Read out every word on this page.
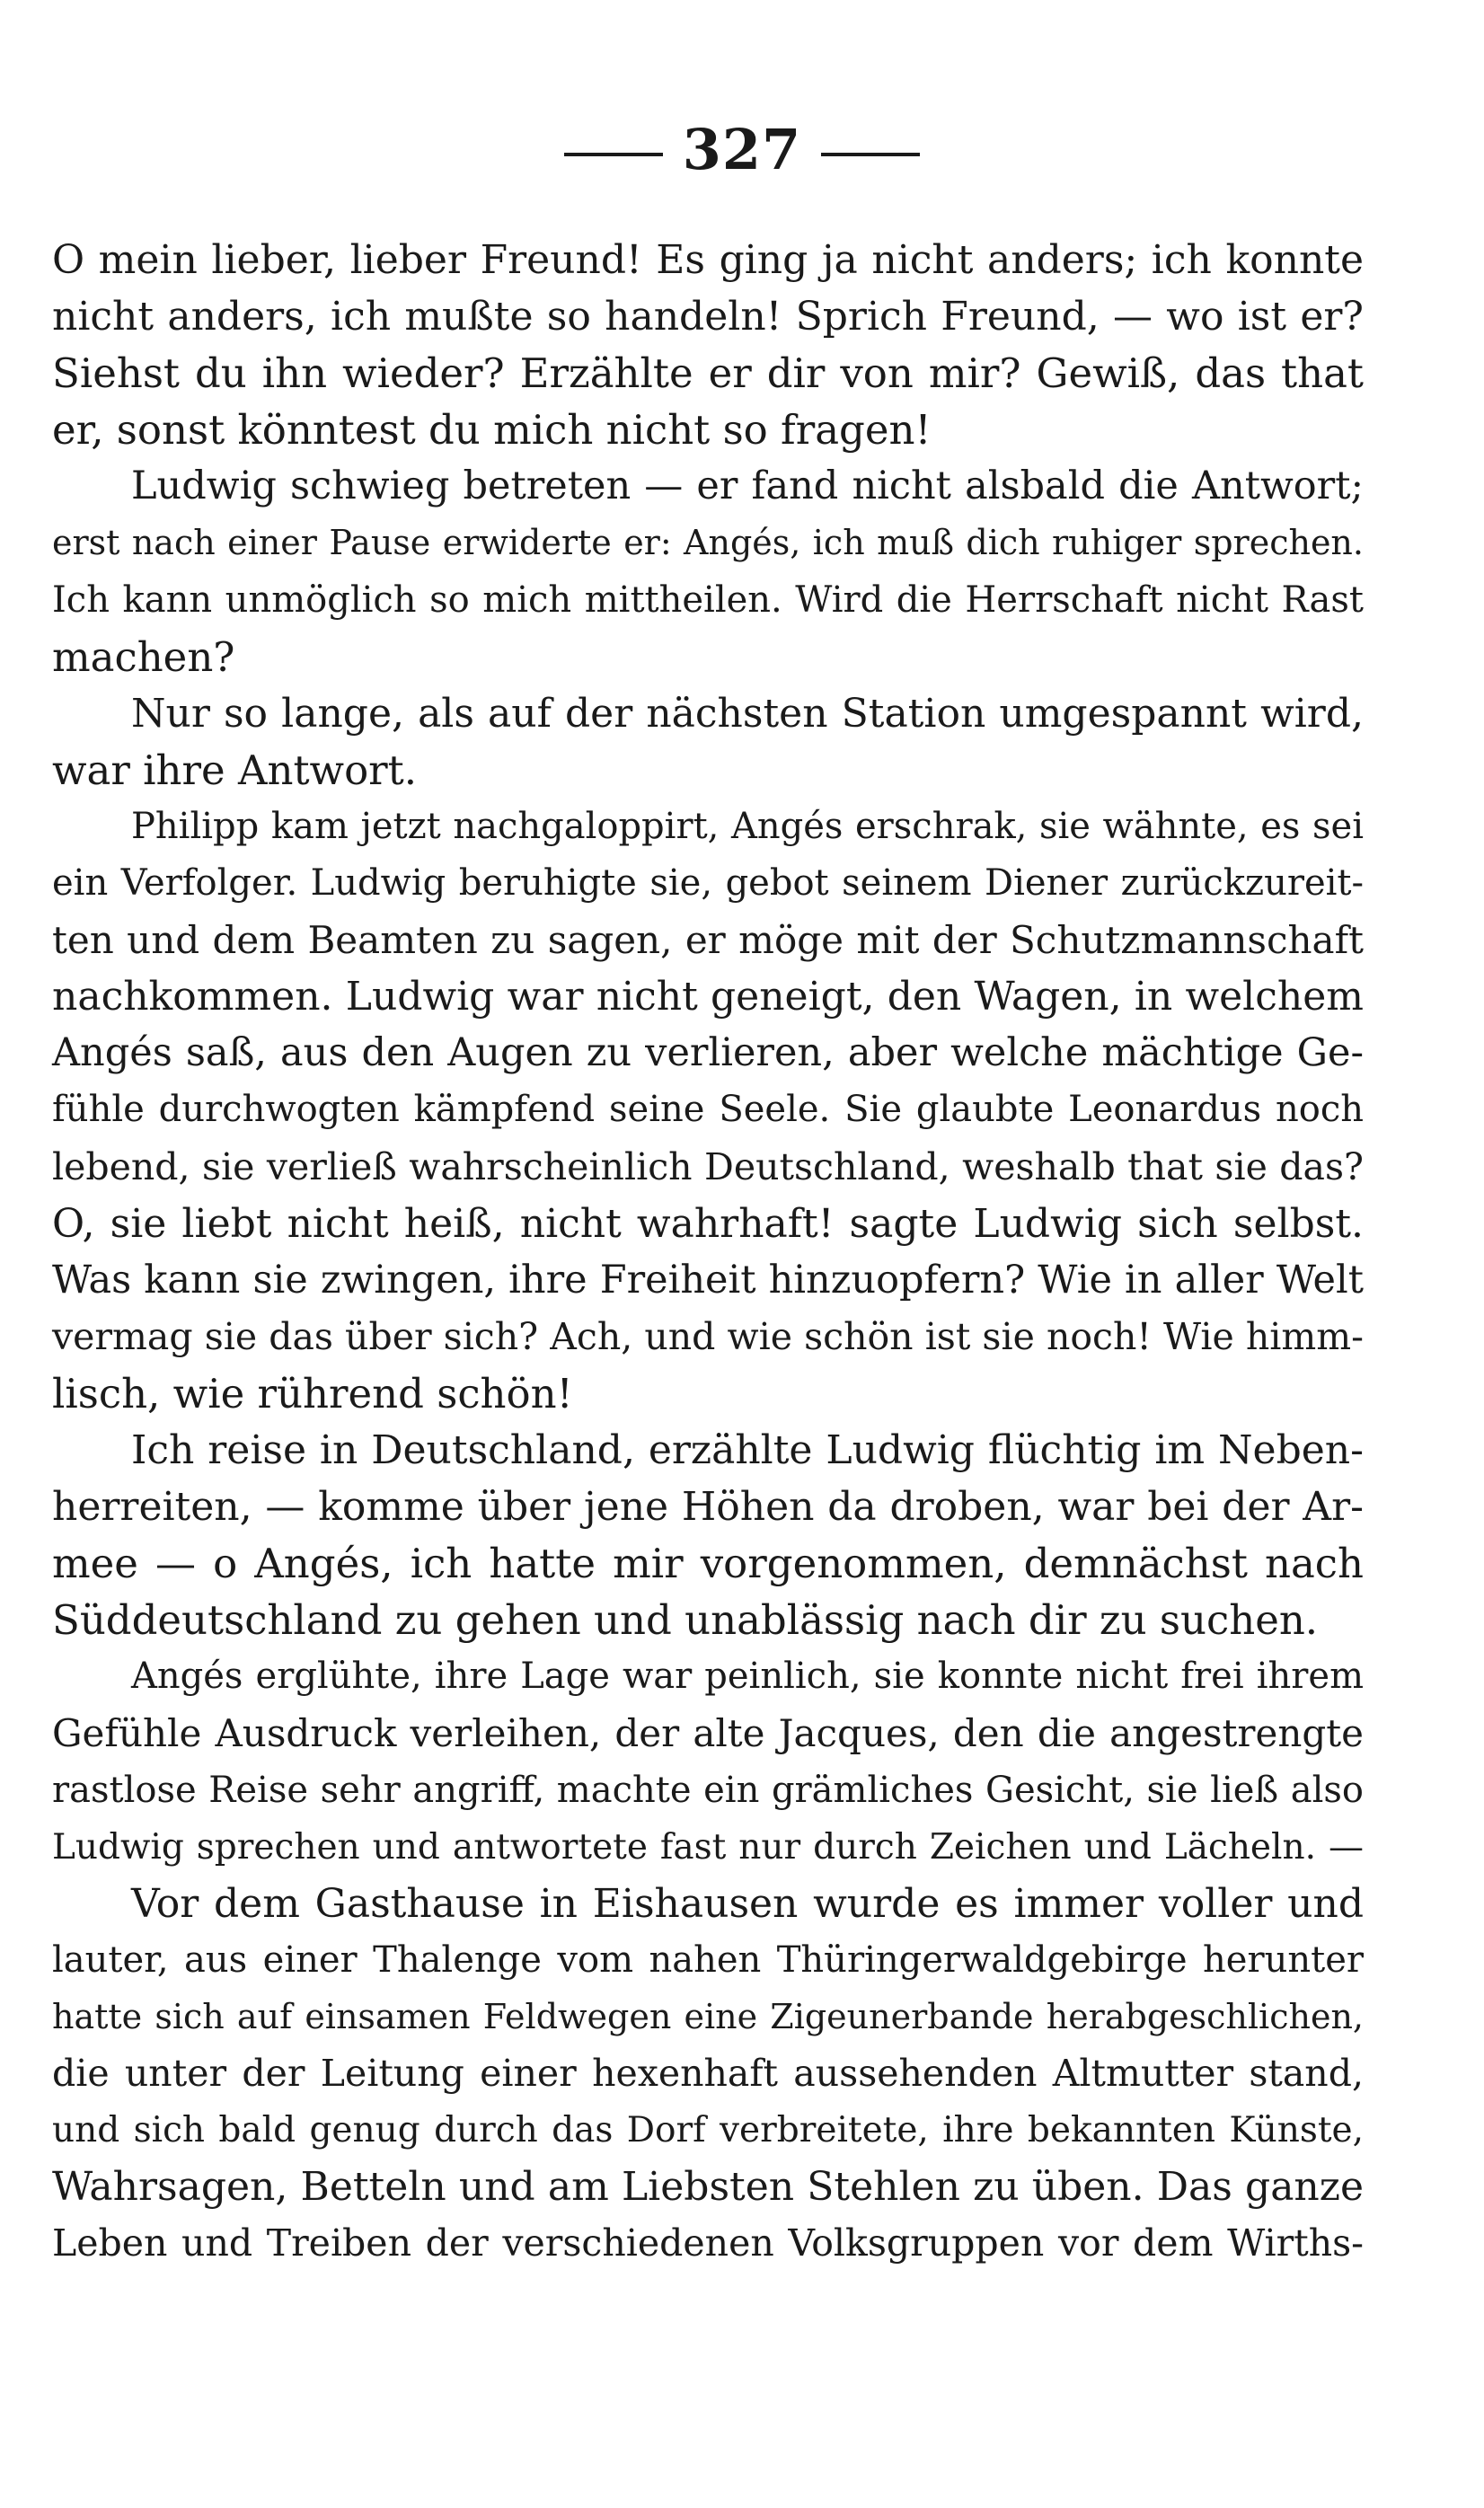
327

O mein lieber, lieber Freund! Es ging ja nicht anders; ich konnte

nicht anders, ich mußte so handeln! Sprich Freund, — wo ist er?

Siehst du ihn wieder? Erzählte er dir von mir? Gewiß, das that

er, sonst könntest du mich nicht so fragen!

Ludwig schwieg betreten — er fand nicht alsbald die Antwort;

erst nach einer Pause erwiderte er: Angés, ich muß dich ruhiger sprechen.

Ich kann unmöglich so mich mittheilen. Wird die Herrschaft nicht Rast

machen?

Nur so lange, als auf der nächsten Station umgespannt wird,

war ihre Antwort.

Philipp kam jetzt nachgaloppirt, Angés erschrak, sie wähnte, es sei

ein Verfolger. Ludwig beruhigte sie, gebot seinem Diener zurückzureit-

ten und dem Beamten zu sagen, er möge mit der Schutzmannschaft

nachkommen. Ludwig war nicht geneigt, den Wagen, in welchem

Angés saß, aus den Augen zu verlieren, aber welche mächtige Ge-

fühle durchwogten kämpfend seine Seele. Sie glaubte Leonardus noch

lebend, sie verließ wahrscheinlich Deutschland, weshalb that sie das?

O, sie liebt nicht heiß, nicht wahrhaft! sagte Ludwig sich selbst.

Was kann sie zwingen, ihre Freiheit hinzuopfern? Wie in aller Welt

vermag sie das über sich? Ach, und wie schön ist sie noch! Wie himm-

lisch, wie rührend schön!

Ich reise in Deutschland, erzählte Ludwig flüchtig im Neben-

herreiten, — komme über jene Höhen da droben, war bei der Ar-

mee — o Angés, ich hatte mir vorgenommen, demnächst nach

Süddeutschland zu gehen und unablässig nach dir zu suchen.

Angés erglühte, ihre Lage war peinlich, sie konnte nicht frei ihrem

Gefühle Ausdruck verleihen, der alte Jacques, den die angestrengte

rastlose Reise sehr angriff, machte ein grämliches Gesicht, sie ließ also

Ludwig sprechen und antwortete fast nur durch Zeichen und Lächeln. —

Vor dem Gasthause in Eishausen wurde es immer voller und

lauter, aus einer Thalenge vom nahen Thüringerwaldgebirge herunter

hatte sich auf einsamen Feldwegen eine Zigeunerbande herabgeschlichen,

die unter der Leitung einer hexenhaft aussehenden Altmutter stand,

und sich bald genug durch das Dorf verbreitete, ihre bekannten Künste,

Wahrsagen, Betteln und am Liebsten Stehlen zu üben. Das ganze

Leben und Treiben der verschiedenen Volksgruppen vor dem Wirths-
